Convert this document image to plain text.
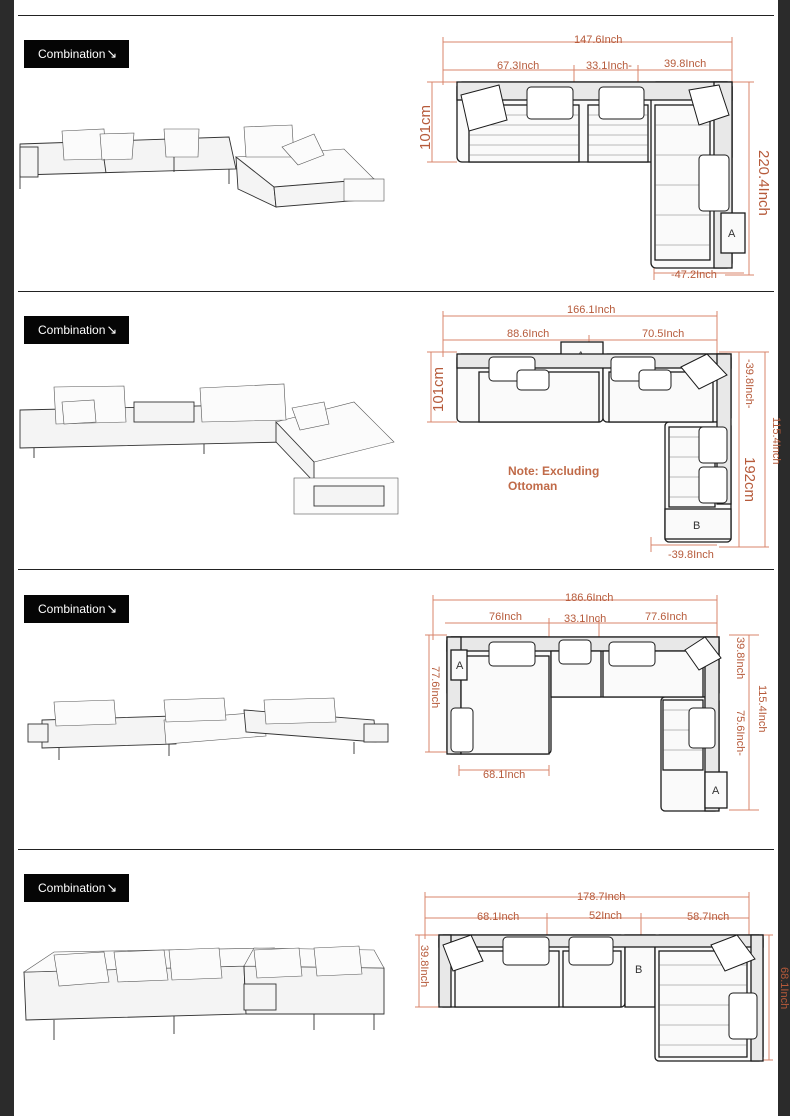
Combination↘
147.6Inch
67.3Inch	33.1Inch-	39.8Inch
101cm
220.4Inch
-47.2Inch
A
Combination↘
166.1Inch
88.6Inch	70.5Inch
101cm	-39.8Inch-
115.4Inch
192cm
-39.8Inch
Note: Excluding
Ottoman
B
Combination↘
186.6Inch
76Inch	33.1Inch	77.6Inch
77.6Inch
39.8Inch
115.4Inch
75.6Inch-
68.1Inch
A
A
Combination↘
178.7Inch
68.1Inch	52Inch	58.7Inch
39.8Inch
68.1Inch
B
